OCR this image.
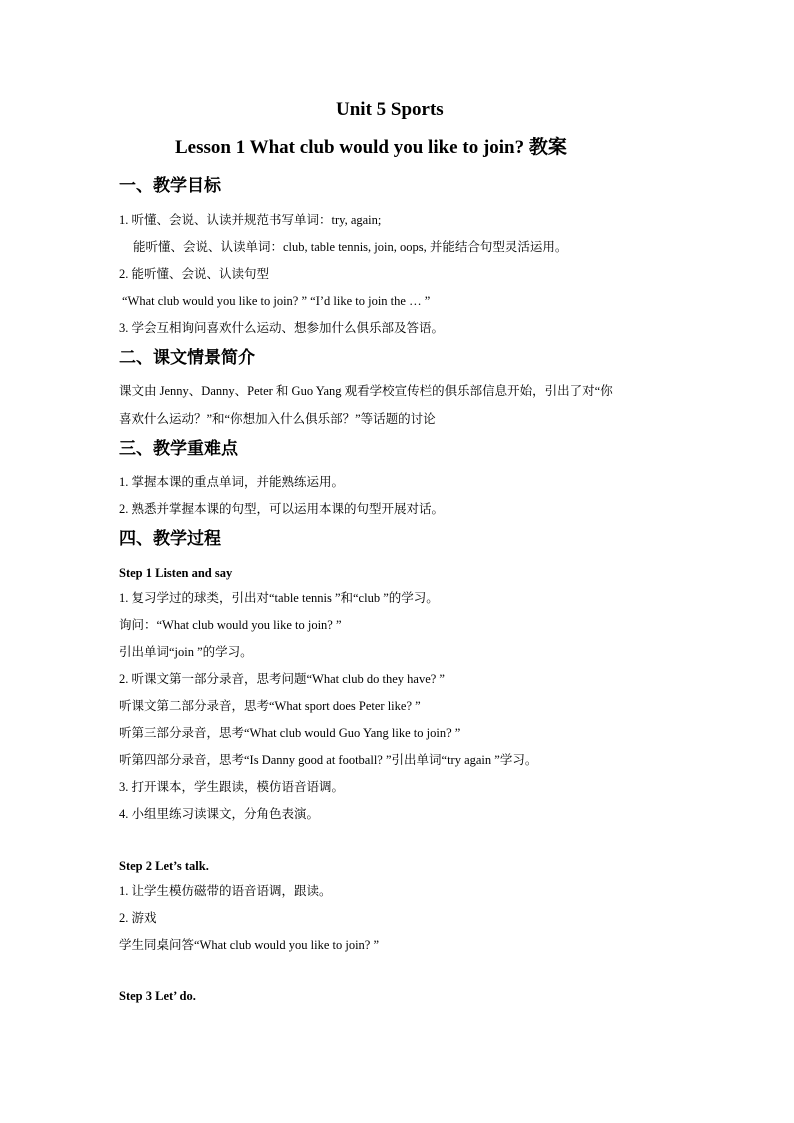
Unit 5 Sports
Lesson 1 What club would you like to join? 教案
一、教学目标
1. 听懂、会说、认读并规范书写单词：try, again;
能听懂、会说、认读单词：club, table tennis, join, oops, 并能结合句型灵活运用。
2. 能听懂、会说、认读句型
“What club would you like to join? ” “I’d like to join the … ”
3. 学会互相询问喜欢什么运动、想参加什么俱乐部及答语。
二、课文情景简介
课文由 Jenny、Danny、Peter 和 Guo Yang 观看学校宣传栏的俱乐部信息开始，引出了对“你
喜欢什么运动？”和“你想加入什么俱乐部？”等话题的讨论
三、教学重难点
1. 掌握本课的重点单词，并能熟练运用。
2. 熟悉并掌握本课的句型，可以运用本课的句型开展对话。
四、教学过程
Step 1 Listen and say
1. 复习学过的球类，引出对“table tennis ”和“club ”的学习。
询问：“What club would you like to join? ”
引出单词“join ”的学习。
2. 听课文第一部分录音，思考问题“What club do they have? ”
听课文第二部分录音，思考“What sport does Peter like? ”
听第三部分录音，思考“What club would Guo Yang like to join? ”
听第四部分录音，思考“Is Danny good at football? ”引出单词“try again ”学习。
3. 打开课本，学生跟读，模仿语音语调。
4. 小组里练习读课文，分角色表演。
Step 2 Let’s talk.
1. 让学生模仿磁带的语音语调，跟读。
2. 游戏
学生同桌问答“What club would you like to join? ”
Step 3 Let’ do.
